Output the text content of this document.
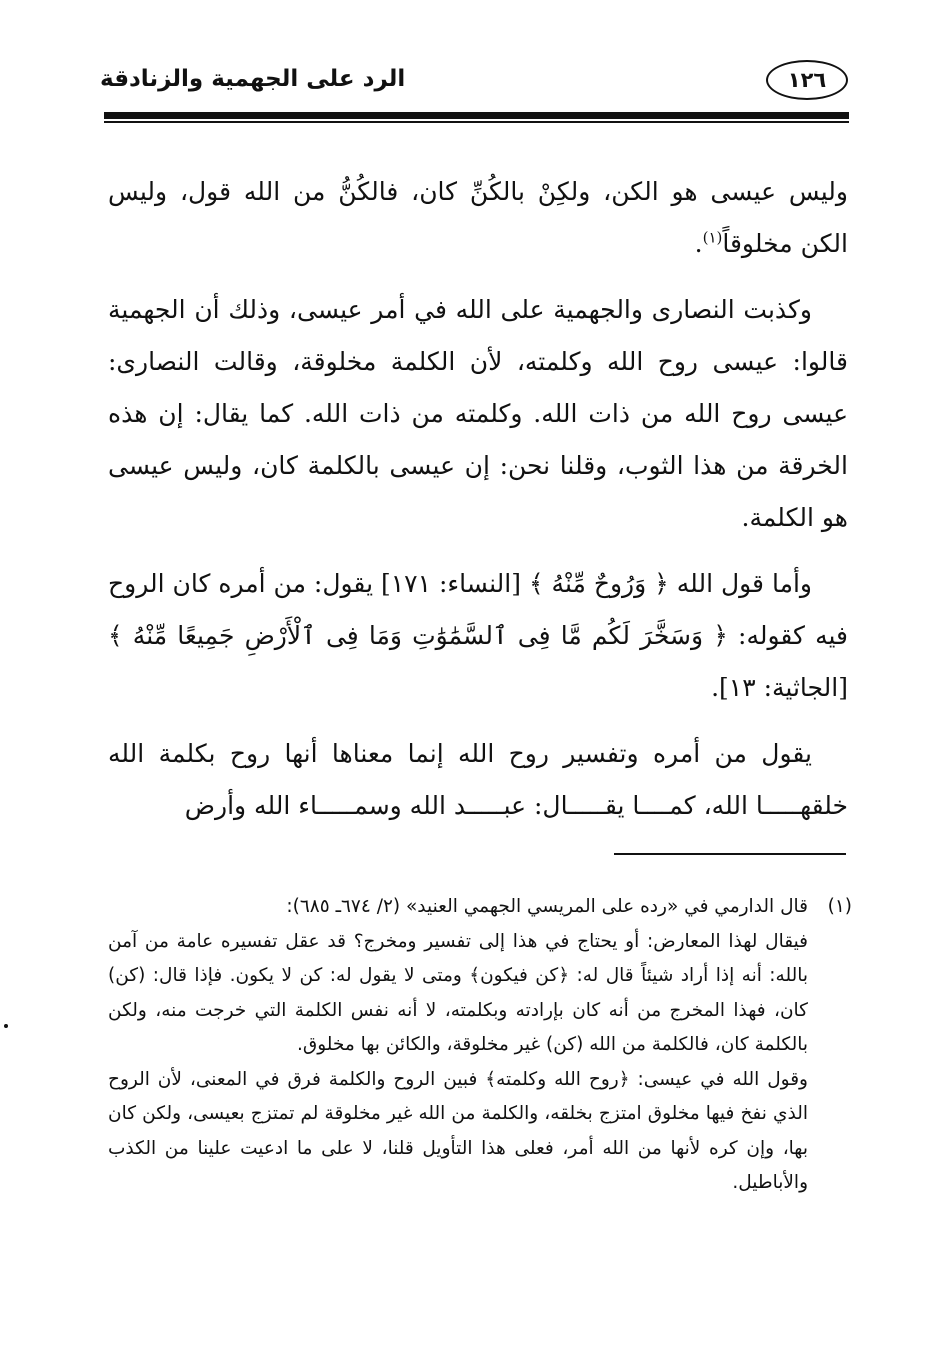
الرد على الجهمية والزنادقة	١٢٦

وليس عيسى هو الكن، ولكِنْ بالكُنِّ كان، فالكُنُّ من الله قول، وليس الكن مخلوقاً$^{(١)}$.

وكذبت النصارى والجهمية على الله في أمر عيسى، وذلك أن الجهمية قالوا: عيسى روح الله وكلمته، لأن الكلمة مخلوقة، وقالت النصارى: عيسى روح الله من ذات الله. وكلمته من ذات الله. كما يقال: إن هذه الخرقة من هذا الثوب، وقلنا نحن: إن عيسى بالكلمة كان، وليس عيسى هو الكلمة.

وأما قول الله ﴿ وَرُوحٌ مِّنْهُ ﴾ [النساء: ١٧١] يقول: من أمره كان الروح فيه كقوله: ﴿ وَسَخَّرَ لَكُم مَّا فِى ٱلسَّمَٰوَٰتِ وَمَا فِى ٱلْأَرْضِ جَمِيعًا مِّنْهُ ﴾ [الجاثية: ١٣].

يقول من أمره وتفسير روح الله إنما معناها أنها روح بكلمة الله خلقهـــــا الله، كمــــا يقـــــال: عبـــــد الله وسمـــــاء الله وأرض

(١)

قال الدارمي في «رده على المريسي الجهمي العنيد» (٢/ ٦٧٤ـ ٦٨٥):

فيقال لهذا المعارض: أو يحتاج في هذا إلى تفسير ومخرج؟ قد عقل تفسيره عامة من آمن بالله: أنه إذا أراد شيئاً قال له: ﴿كن فيكون﴾ ومتى لا يقول له: كن لا يكون. فإذا قال: (كن) كان، فهذا المخرج من أنه كان بإرادته وبكلمته، لا أنه نفس الكلمة التي خرجت منه، ولكن بالكلمة كان، فالكلمة من الله (كن) غير مخلوقة، والكائن بها مخلوق.

وقول الله في عيسى: ﴿روح الله وكلمته﴾ فبين الروح والكلمة فرق في المعنى، لأن الروح الذي نفخ فيها مخلوق امتزج بخلقه، والكلمة من الله غير مخلوقة لم تمتزج بعيسى، ولكن كان بها، وإن كره لأنها من الله أمر، فعلى هذا التأويل قلنا، لا على ما ادعيت علينا من الكذب والأباطيل.
